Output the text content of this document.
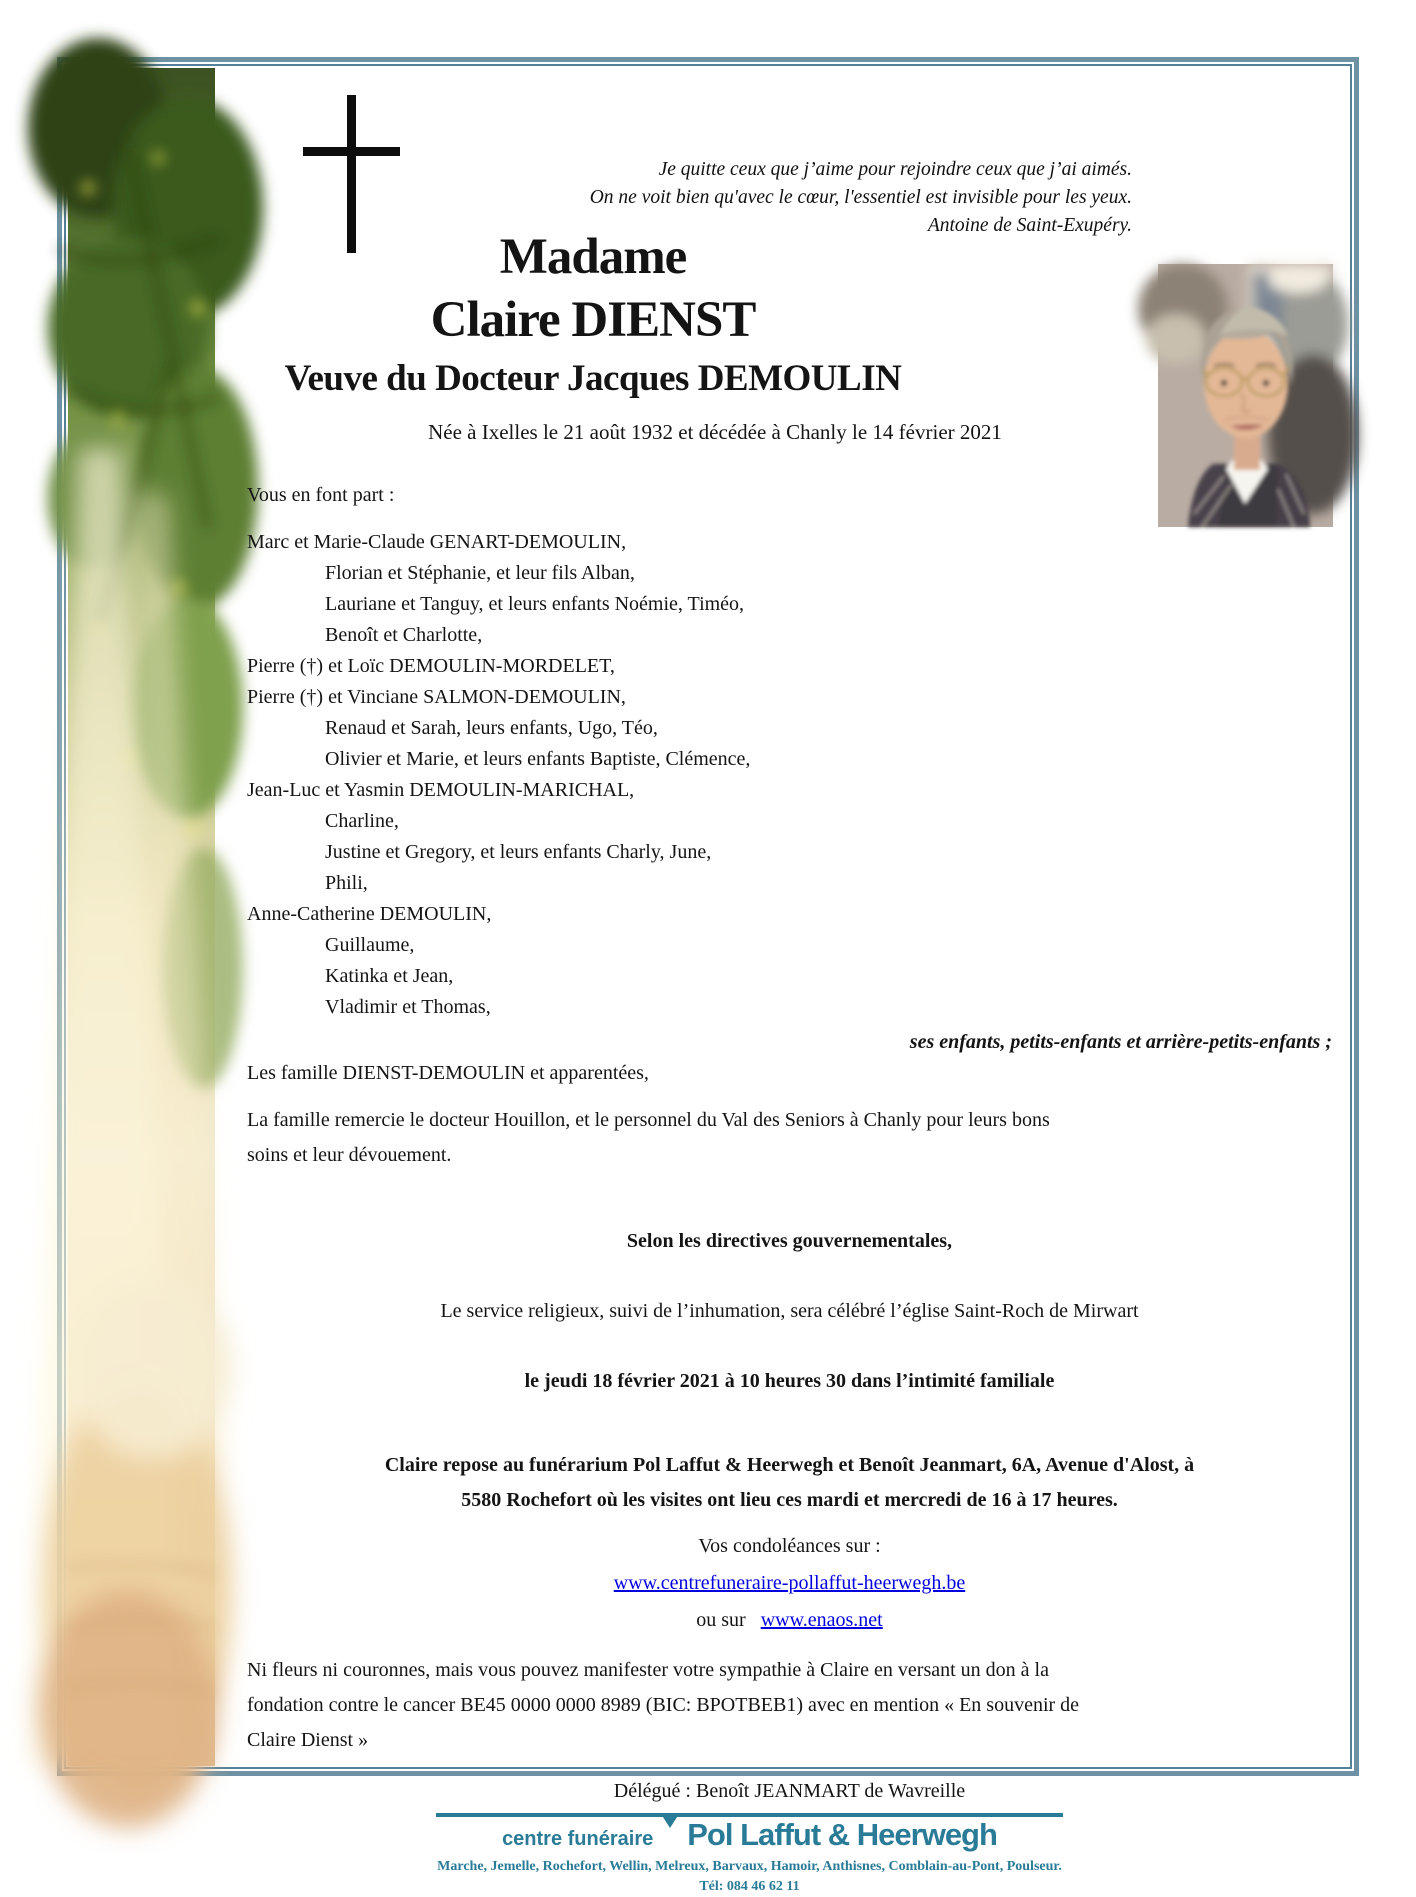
Je quitte ceux que j’aime pour rejoindre ceux que j’ai aimés.
On ne voit bien qu'avec le cœur, l'essentiel est invisible pour les yeux.

Antoine de Saint-Exupéry.

Madame
Claire DIENST
Veuve du Docteur Jacques DEMOULIN
Née à Ixelles le 21 août 1932 et décédée à Chanly le 14 février 2021
Vous en font part :
Marc et Marie-Claude GENART-DEMOULIN,
Florian et Stéphanie, et leur fils Alban,
Lauriane et Tanguy, et leurs enfants Noémie, Timéo,
Benoît et Charlotte,
Pierre (†) et Loïc DEMOULIN-MORDELET,
Pierre (†) et Vinciane SALMON-DEMOULIN,
Renaud et Sarah, leurs enfants, Ugo, Téo,
Olivier et Marie, et leurs enfants Baptiste, Clémence,
Jean-Luc et Yasmin DEMOULIN-MARICHAL,
Charline,
Justine et Gregory, et leurs enfants Charly, June,
Phili,
Anne-Catherine DEMOULIN,
Guillaume,
Katinka et Jean,
Vladimir et Thomas,
ses enfants, petits-enfants et arrière-petits-enfants ;
Les famille DIENST-DEMOULIN et apparentées,
La famille remercie le docteur Houillon, et le personnel du Val des Seniors à Chanly pour leurs bons
soins et leur dévouement.

Selon les directives gouvernementales,

Le service religieux, suivi de l’inhumation, sera célébré l’église Saint-Roch de Mirwart

le jeudi 18 février 2021 à 10 heures 30 dans l’intimité familiale

Claire repose au funérarium Pol Laffut & Heerwegh et Benoît Jeanmart, 6A, Avenue d'Alost, à
5580 Rochefort où les visites ont lieu ces mardi et mercredi de 16 à 17 heures.
Vos condoléances sur :
www.centrefuneraire-pollaffut-heerwegh.be
ou sur www.enaos.net
Ni fleurs ni couronnes, mais vous pouvez manifester votre sympathie à Claire en versant un don à la
fondation contre le cancer BE45 0000 0000 8989 (BIC: BPOTBEB1) avec en mention « En souvenir de
Claire Dienst »
Délégué : Benoît JEANMART de Wavreille
centre funéraire Pol Laffut & Heerwegh
Marche, Jemelle, Rochefort, Wellin, Melreux, Barvaux, Hamoir, Anthisnes, Comblain-au-Pont, Poulseur.
Tél: 084 46 62 11
